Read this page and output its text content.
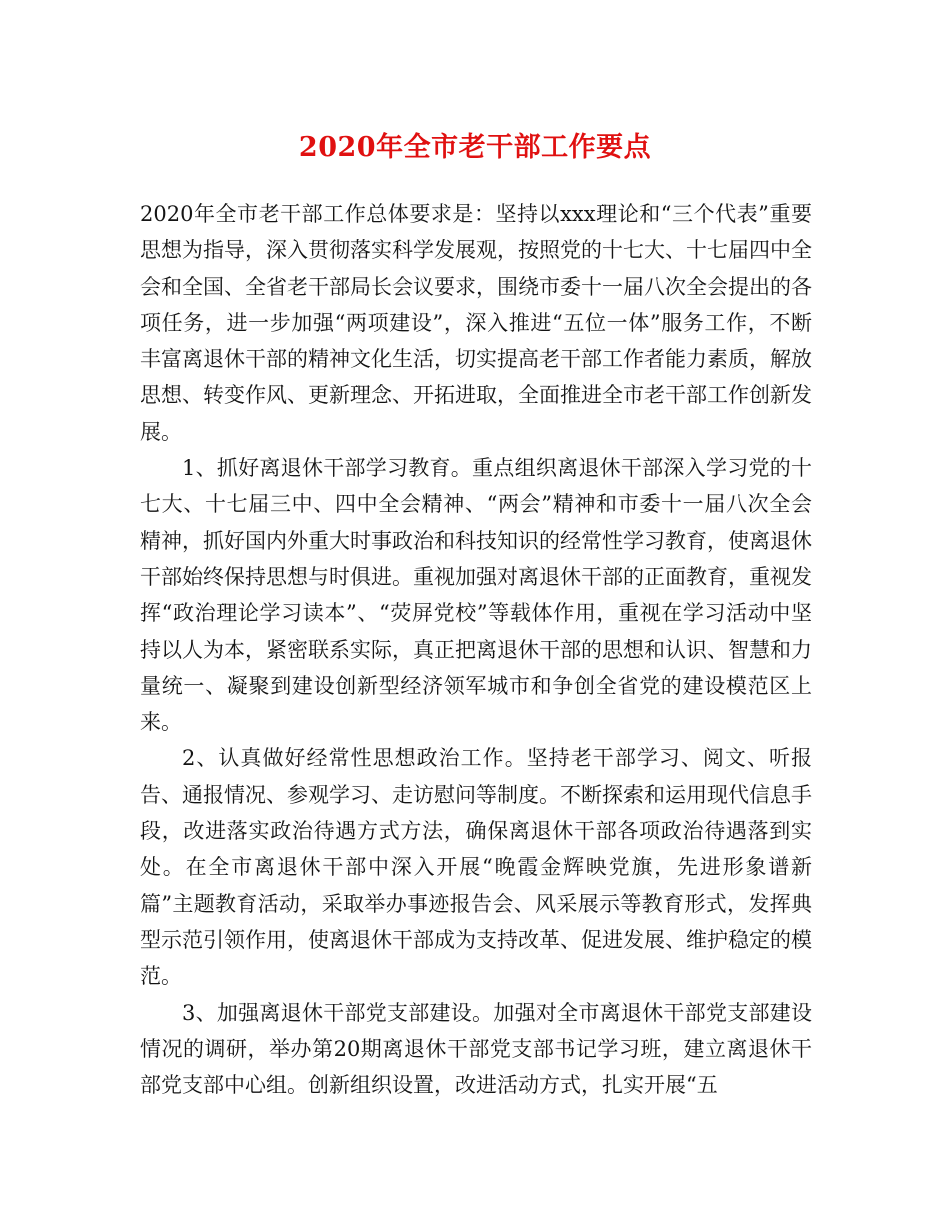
2020年全市老干部工作要点

2020年全市老干部工作总体要求是：坚持以xxx理论和“三个代表”重要思想为指导，深入贯彻落实科学发展观，按照党的十七大、十七届四中全会和全国、全省老干部局长会议要求，围绕市委十一届八次全会提出的各项任务，进一步加强“两项建设”，深入推进“五位一体”服务工作，不断丰富离退休干部的精神文化生活，切实提高老干部工作者能力素质，解放思想、转变作风、更新理念、开拓进取，全面推进全市老干部工作创新发展。

1、抓好离退休干部学习教育。重点组织离退休干部深入学习党的十七大、十七届三中、四中全会精神、“两会”精神和市委十一届八次全会精神，抓好国内外重大时事政治和科技知识的经常性学习教育，使离退休干部始终保持思想与时俱进。重视加强对离退休干部的正面教育，重视发挥“政治理论学习读本”、“荧屏党校”等载体作用，重视在学习活动中坚持以人为本，紧密联系实际，真正把离退休干部的思想和认识、智慧和力量统一、凝聚到建设创新型经济领军城市和争创全省党的建设模范区上来。

2、认真做好经常性思想政治工作。坚持老干部学习、阅文、听报告、通报情况、参观学习、走访慰问等制度。不断探索和运用现代信息手段，改进落实政治待遇方式方法，确保离退休干部各项政治待遇落到实处。在全市离退休干部中深入开展“晚霞金辉映党旗，先进形象谱新篇”主题教育活动，采取举办事迹报告会、风采展示等教育形式，发挥典型示范引领作用，使离退休干部成为支持改革、促进发展、维护稳定的模范。

3、加强离退休干部党支部建设。加强对全市离退休干部党支部建设情况的调研，举办第20期离退休干部党支部书记学习班，建立离退休干部党支部中心组。创新组织设置，改进活动方式，扎实开展“五
